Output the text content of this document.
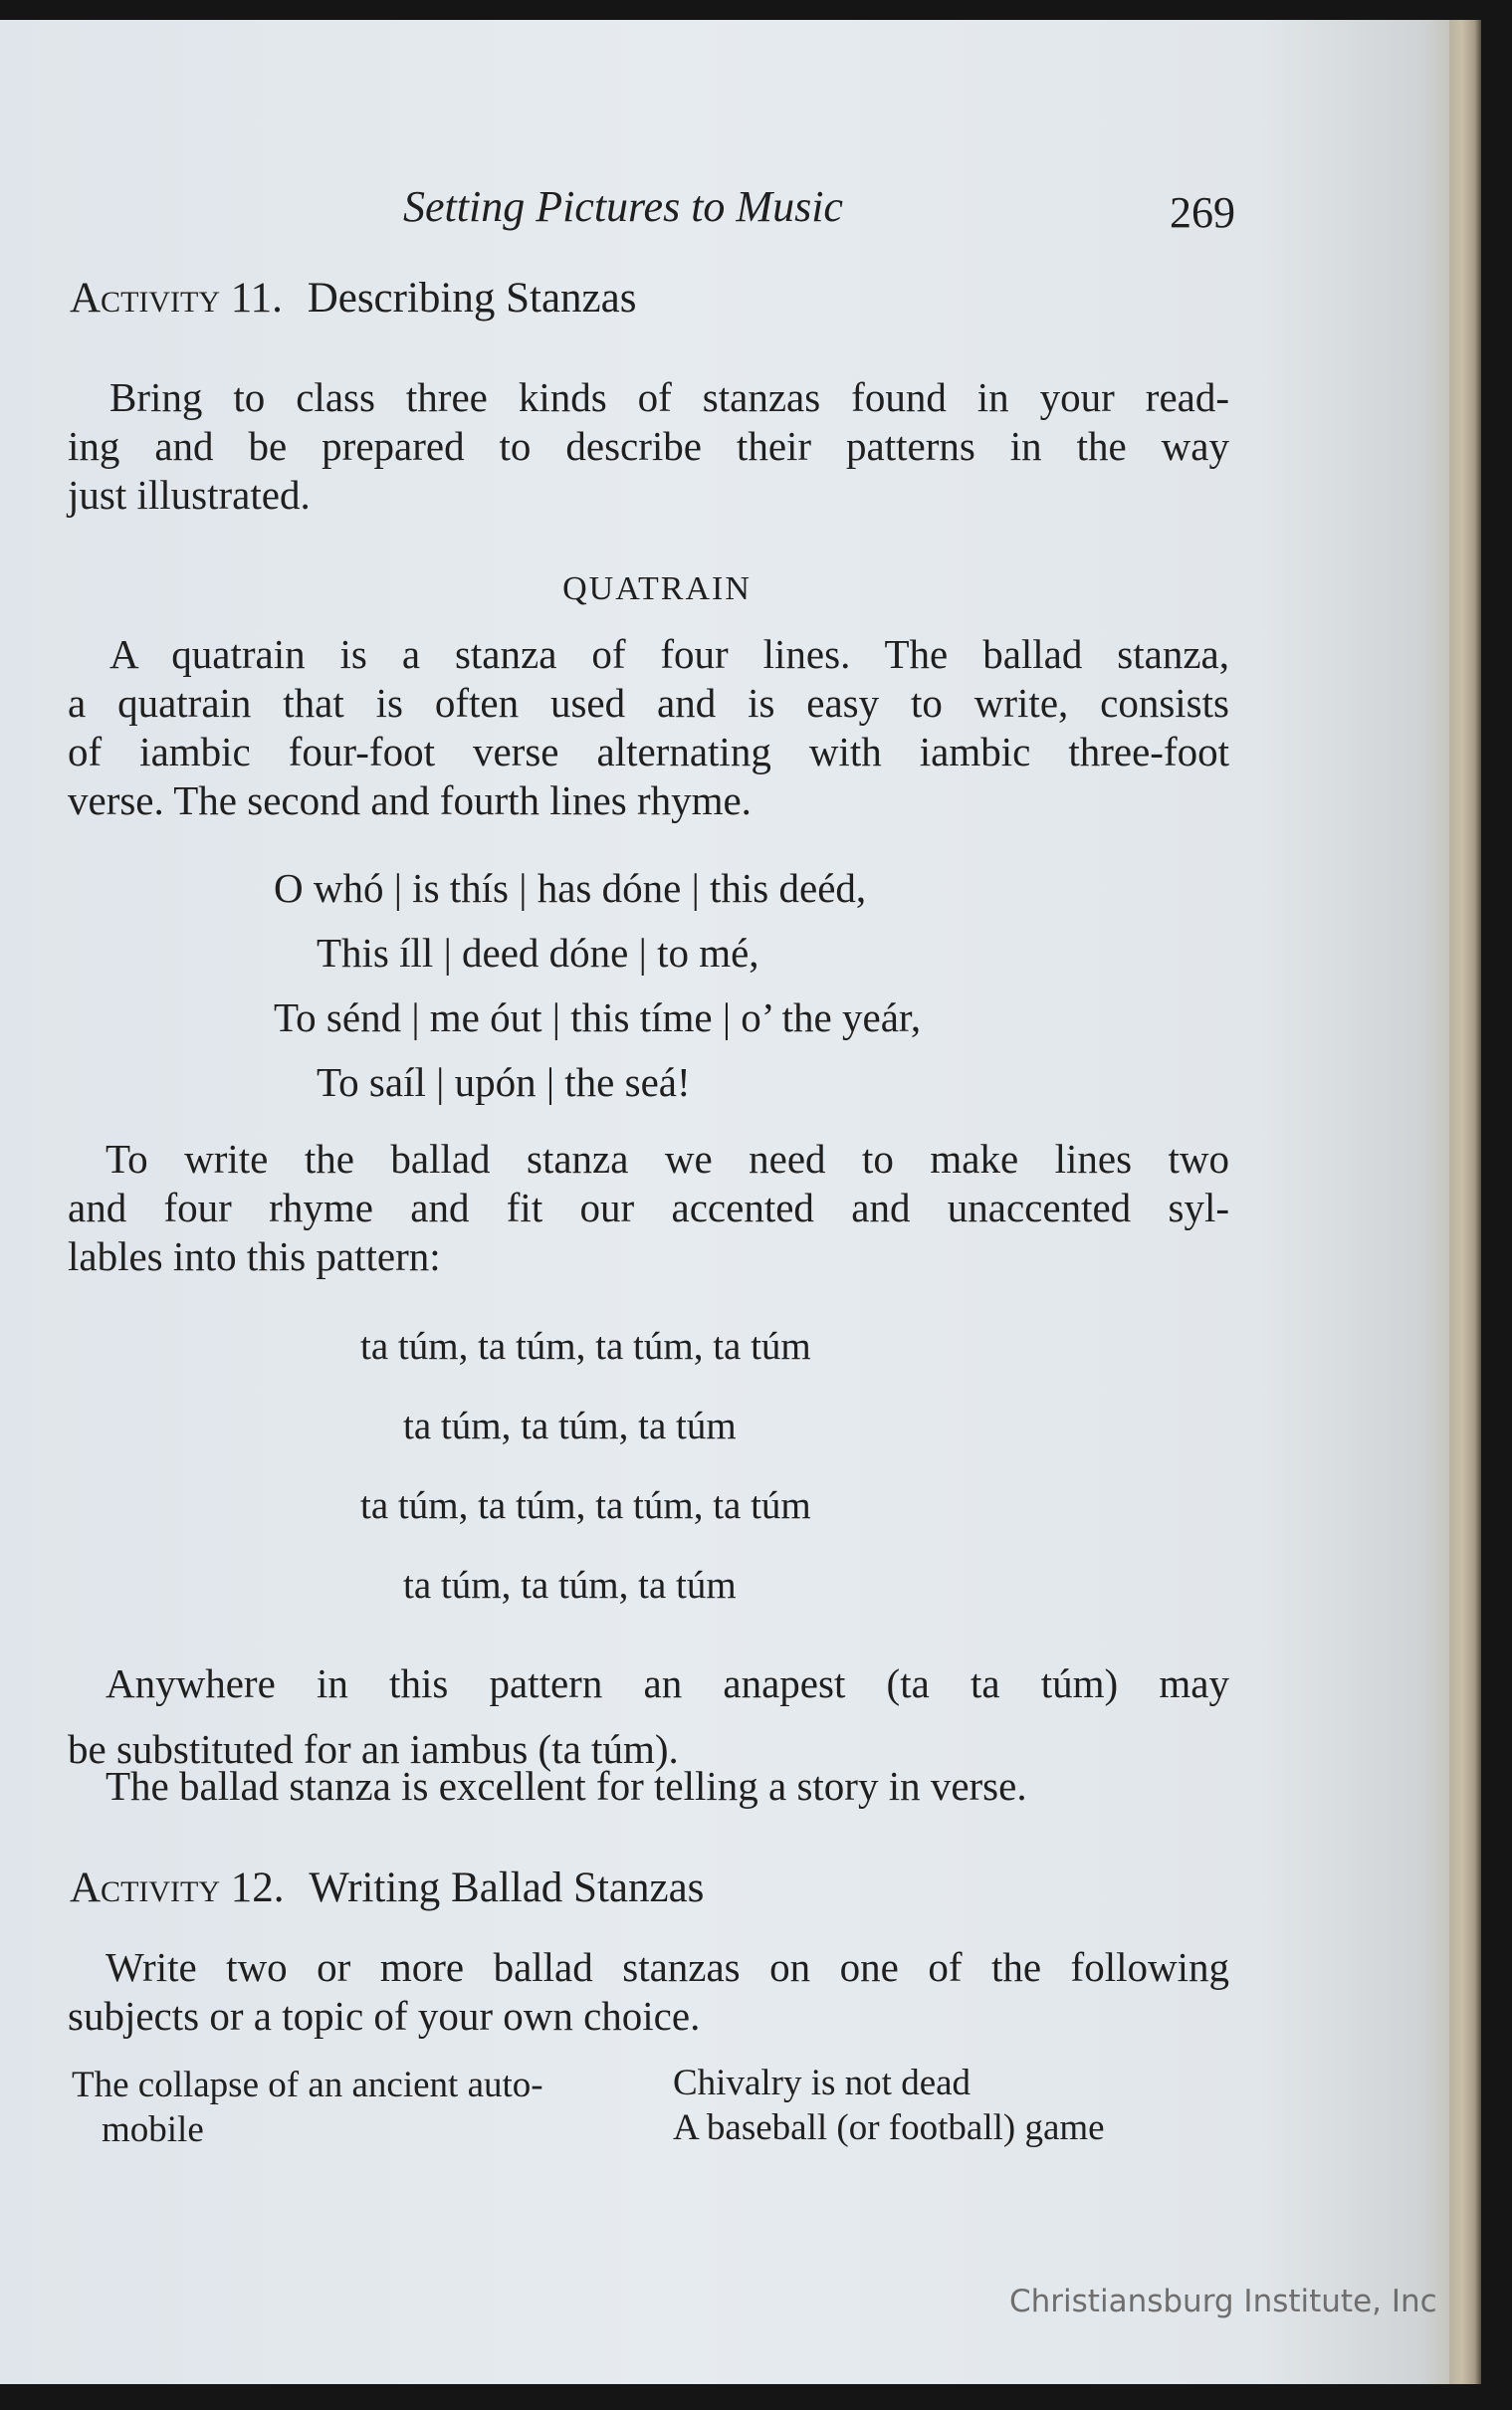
Setting Pictures to Music	269
Activity 11. Describing Stanzas

Bring to class three kinds of stanzas found in your read-
ing and be prepared to describe their patterns in the way
just illustrated.

QUATRAIN

A quatrain is a stanza of four lines. The ballad stanza,
a quatrain that is often used and is easy to write, consists
of iambic four-foot verse alternating with iambic three-foot
verse. The second and fourth lines rhyme.

O whó | is thís | has dóne | this deéd,
This íll | deed dóne | to mé,
To sénd | me óut | this tíme | o’ the yeár,
To saíl | upón | the seá!

To write the ballad stanza we need to make lines two
and four rhyme and fit our accented and unaccented syl-
lables into this pattern:

ta túm, ta túm, ta túm, ta túm
ta túm, ta túm, ta túm
ta túm, ta túm, ta túm, ta túm
ta túm, ta túm, ta túm

Anywhere in this pattern an anapest (ta ta túm) may
be substituted for an iambus (ta túm).

The ballad stanza is excellent for telling a story in verse.

Activity 12. Writing Ballad Stanzas

Write two or more ballad stanzas on one of the following
subjects or a topic of your own choice.

The collapse of an ancient auto-
mobile
Chivalry is not dead
A baseball (or football) game
Christiansburg Institute, Inc
